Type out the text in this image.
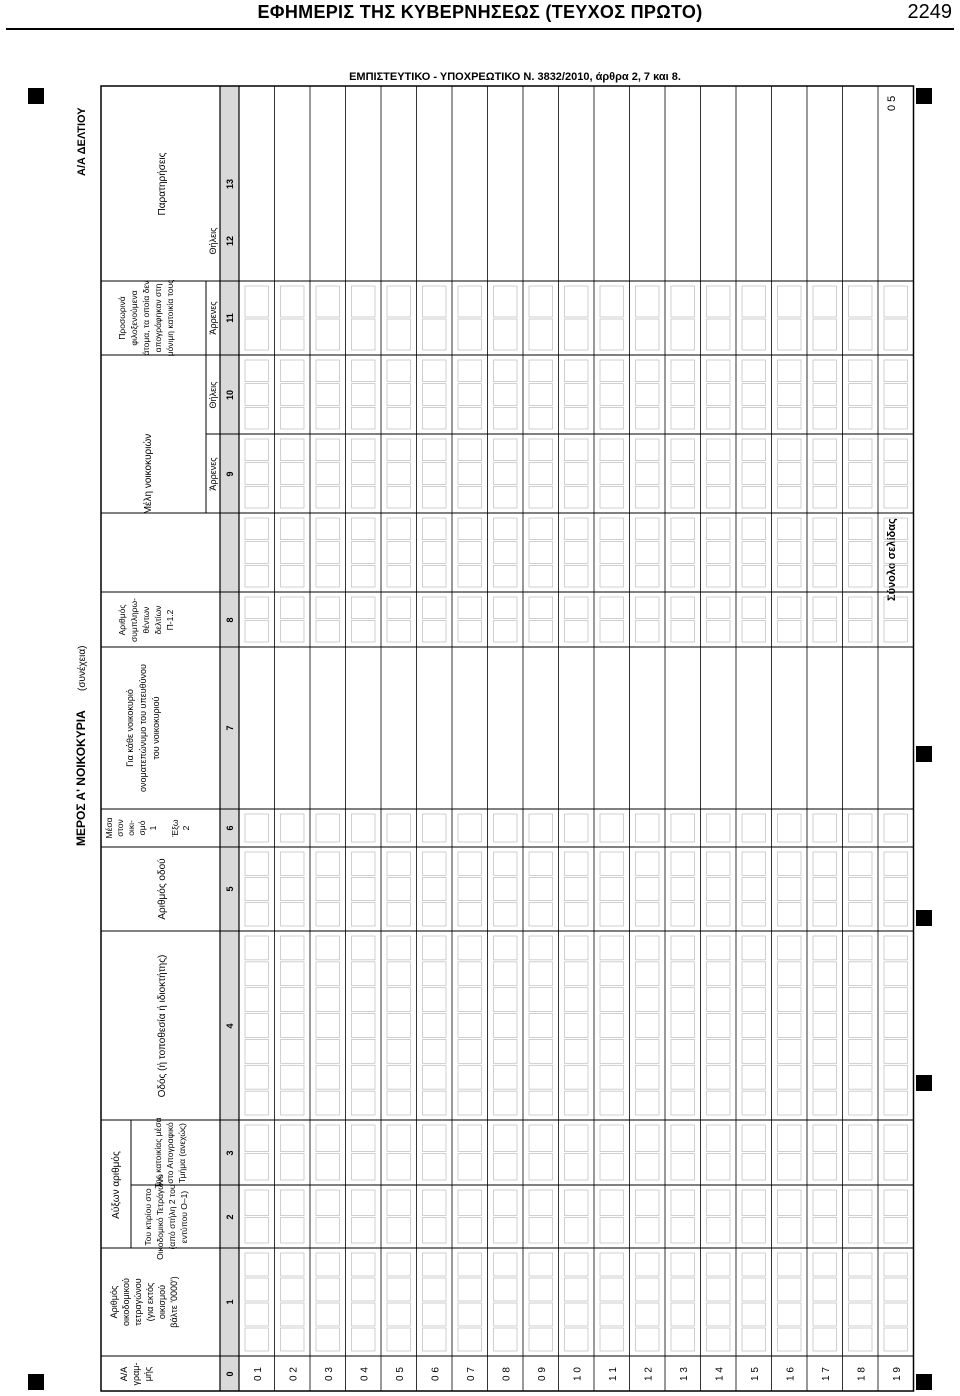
ΕΦΗΜΕΡΙΣ ΤΗΣ ΚΥΒΕΡΝΗΣΕΩΣ (ΤΕΥΧΟΣ ΠΡΩΤΟ)	2249
ΕΜΠΙΣΤΕΥΤΙΚΟ - ΥΠΟΧΡΕΩΤΙΚΟ Ν. 3832/2010, άρθρα 2, 7 και 8.
ΜΕΡΟΣ Α' ΝΟΙΚΟΚΥΡΙΑ
(συνέχεια)
Α/Α ΔΕΛΤΙΟΥ
Σύνολο σελίδας
0 5
Α/Α γραμ- μής
Αριθμός οικοδομικού τετραγώνου (για εκτός οικισμού βάλτε '0000')
Αύξων αριθμός Του κτιρίου στο Οικοδομικό Τετράγωνο (από στήλη 2 του εντύπου Ο–1)
Της κατοικίας μέσα στο Απογραφικό Τμήμα (ανεχώς)
Οδός (ή τοποθεσία ή ιδιοκτήτης)
Αριθμός οδού
Μέσα στον οικι- σμό 1 Έξω 2
Για κάθε νοικοκυριό ονοματεπώνυμο του υπευθύνου του νοικοκυριού
Αριθμός συμπληρω- θέντων δελτίων Π-1.2
Μέλη νοικοκυριών
Προσωρινά φιλοξενούμενα άτομα, τα οποία δεν απογράφηκαν στη μόνιμη κατοικία τους
Άρρενες
Θήλεις
Άρρενες
Θήλεις
Παρατηρήσεις
0
1
2
3
4
5
6
7
8
9
10
11
12
13
0 1 0 2 0 3 0 4 0 5 0 6 0 7 0 8 0 9 1 0 1 1 1 2 1 3 1 4 1 5 1 6 1 7 1 8 1 9
